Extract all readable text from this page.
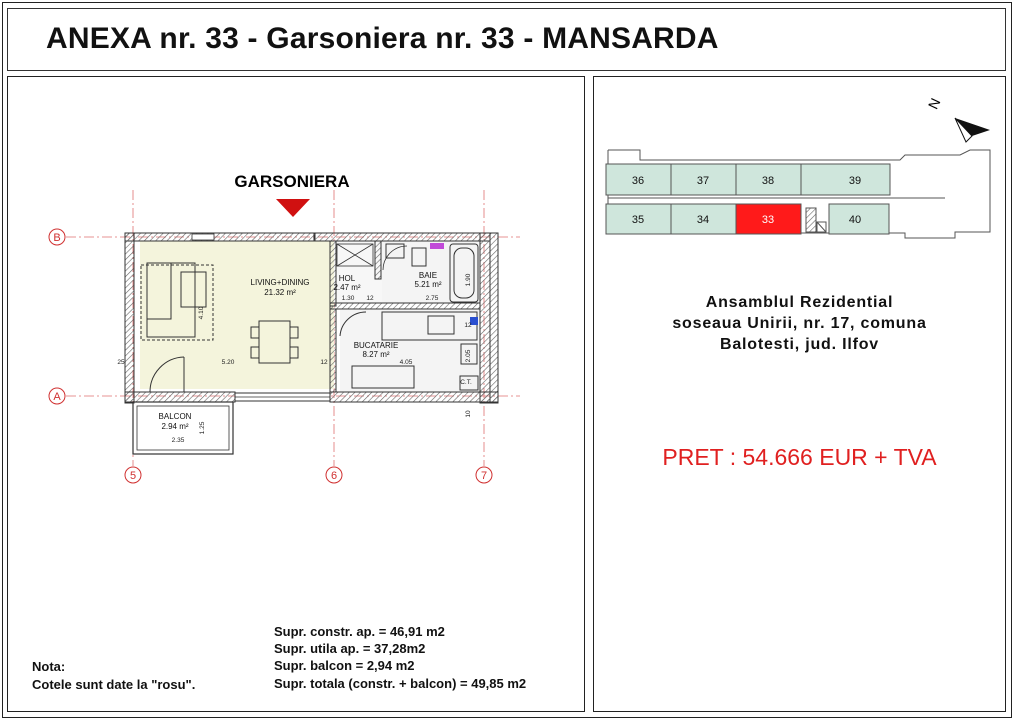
ANEXA nr. 33 - Garsoniera nr. 33 - MANSARDA
B
A
5	6	7
GARSONIERA
LIVING+DINING
21.32 m²
HOL
2.47 m²
BAIE
5.21 m²
BUCATARIE
8.27 m²
BALCON
2.94 m²
5.20	4.05
1.30	2.75
2.35
25	12
12
12
C.T.
4.10
1.25
1.90
2.05
10
N
36	37	38	39
35	34	33	40
Ansamblul Rezidential
soseaua Unirii, nr. 17, comuna
Balotesti, jud. Ilfov
PRET : 54.666 EUR + TVA
Supr. constr. ap. = 46,91 m2
Supr. utila ap. = 37,28m2
Supr. balcon = 2,94 m2
Supr. totala (constr. + balcon) = 49,85 m2
Nota:
Cotele sunt date la "rosu".
